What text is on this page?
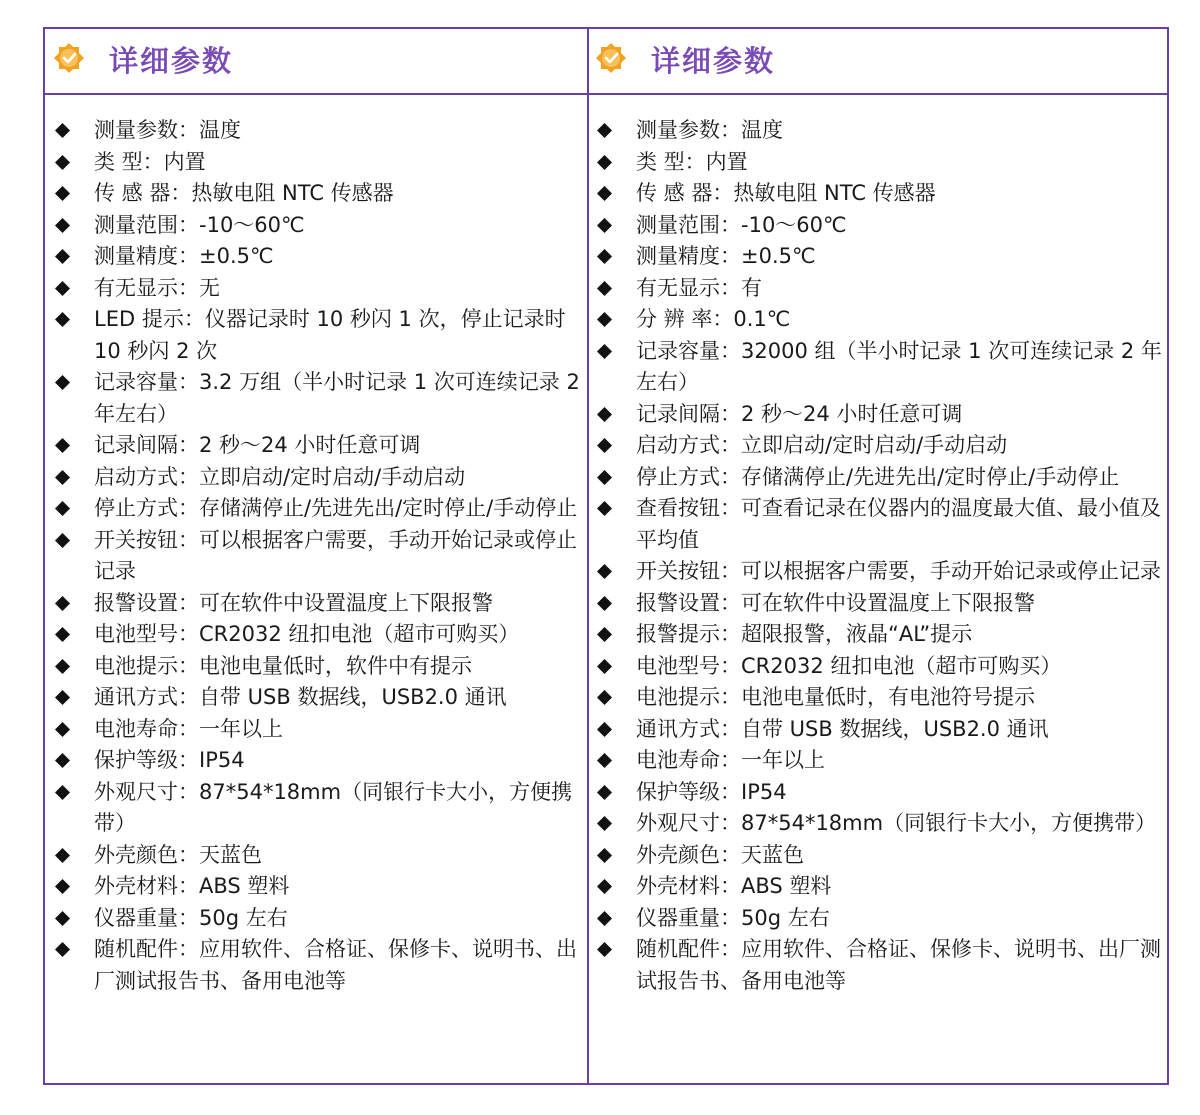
详细参数
测量参数：温度
类 型：内置
传 感 器：热敏电阻 NTC 传感器
测量范围：-10～60℃
测量精度：±0.5℃
有无显示：无
LED 提示：仪器记录时 10 秒闪 1 次，停止记录时 10 秒闪 2 次
记录容量：3.2 万组（半小时记录 1 次可连续记录 2 年左右）
记录间隔：2 秒～24 小时任意可调
启动方式：立即启动/定时启动/手动启动
停止方式：存储满停止/先进先出/定时停止/手动停止
开关按钮：可以根据客户需要，手动开始记录或停止记录
报警设置：可在软件中设置温度上下限报警
电池型号：CR2032 纽扣电池（超市可购买）
电池提示：电池电量低时，软件中有提示
通讯方式：自带 USB 数据线，USB2.0 通讯
电池寿命：一年以上
保护等级：IP54
外观尺寸：87*54*18mm（同银行卡大小，方便携带）
外壳颜色：天蓝色
外壳材料：ABS 塑料
仪器重量：50g 左右
随机配件：应用软件、合格证、保修卡、说明书、出厂测试报告书、备用电池等
详细参数
测量参数：温度
类 型：内置
传 感 器：热敏电阻 NTC 传感器
测量范围：-10～60℃
测量精度：±0.5℃
有无显示：有
分 辨 率：0.1℃
记录容量：32000 组（半小时记录 1 次可连续记录 2 年左右）
记录间隔：2 秒～24 小时任意可调
启动方式：立即启动/定时启动/手动启动
停止方式：存储满停止/先进先出/定时停止/手动停止
查看按钮：可查看记录在仪器内的温度最大值、最小值及平均值
开关按钮：可以根据客户需要，手动开始记录或停止记录
报警设置：可在软件中设置温度上下限报警
报警提示：超限报警，液晶“AL”提示
电池型号：CR2032 纽扣电池（超市可购买）
电池提示：电池电量低时，有电池符号提示
通讯方式：自带 USB 数据线，USB2.0 通讯
电池寿命：一年以上
保护等级：IP54
外观尺寸：87*54*18mm（同银行卡大小，方便携带）
外壳颜色：天蓝色
外壳材料：ABS 塑料
仪器重量：50g 左右
随机配件：应用软件、合格证、保修卡、说明书、出厂测试报告书、备用电池等
